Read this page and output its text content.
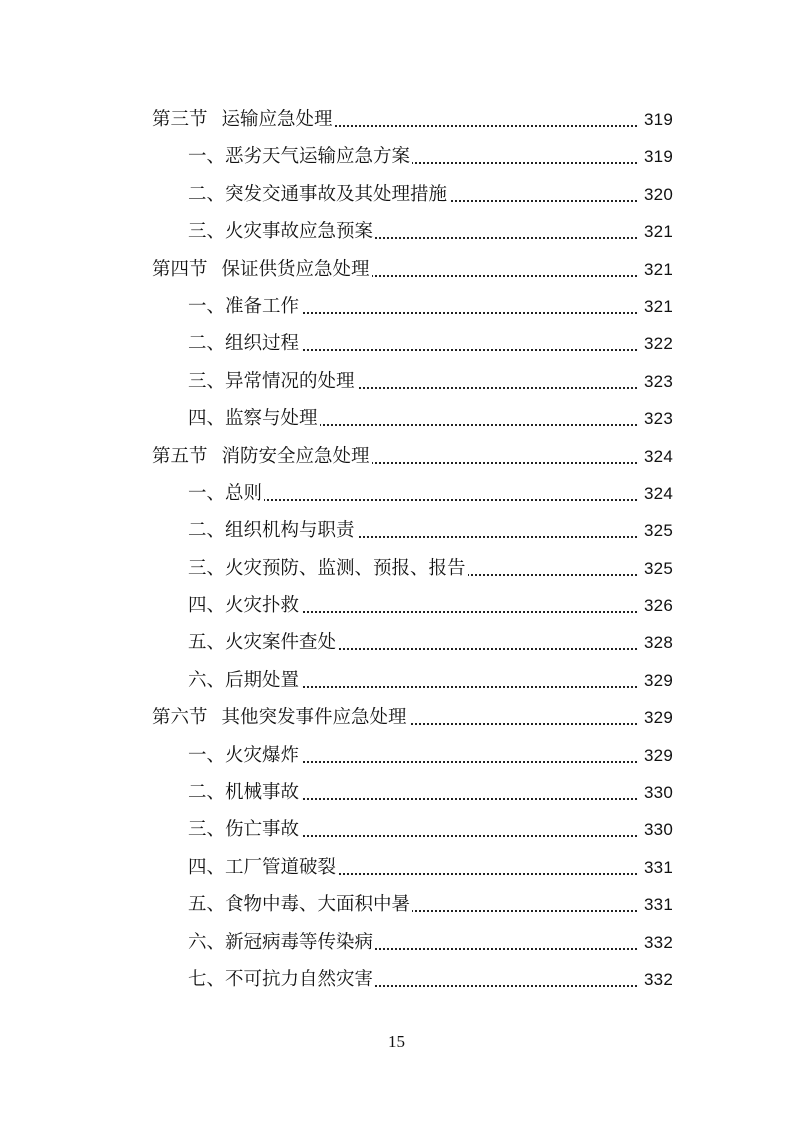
第三节 运输应急处理	319
一、恶劣天气运输应急方案	319
二、突发交通事故及其处理措施	320
三、火灾事故应急预案	321
第四节 保证供货应急处理	321
一、准备工作	321
二、组织过程	322
三、异常情况的处理	323
四、监察与处理	323
第五节 消防安全应急处理	324
一、总则	324
二、组织机构与职责	325
三、火灾预防、监测、预报、报告	325
四、火灾扑救	326
五、火灾案件查处	328
六、后期处置	329
第六节 其他突发事件应急处理	329
一、火灾爆炸	329
二、机械事故	330
三、伤亡事故	330
四、工厂管道破裂	331
五、食物中毒、大面积中暑	331
六、新冠病毒等传染病	332
七、不可抗力自然灾害	332
15
